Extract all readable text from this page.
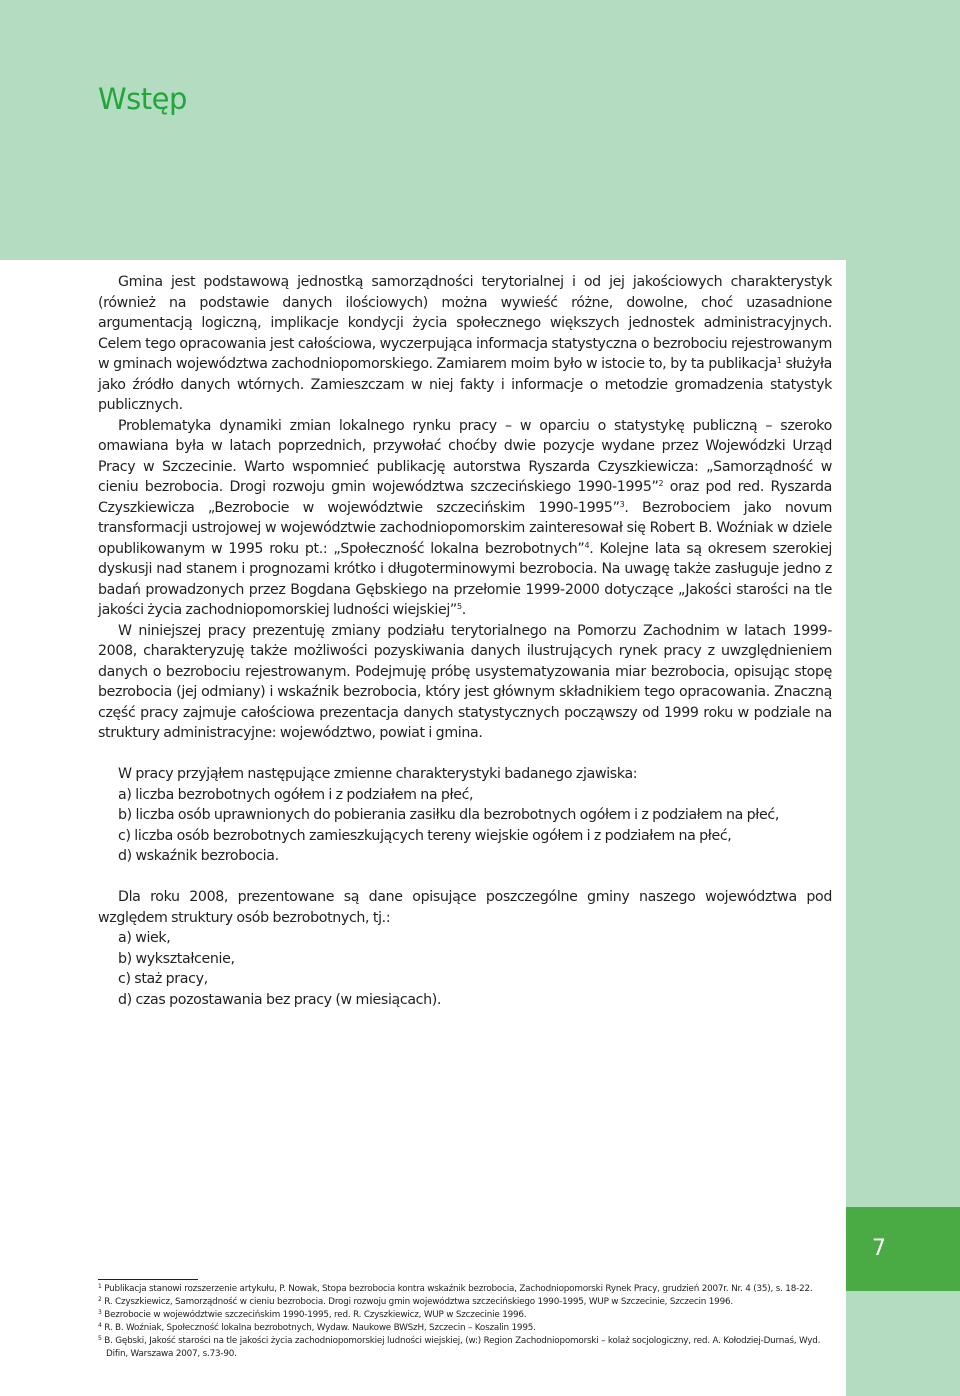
7
Wstęp

Gmina jest podstawową jednostką samorządności terytorialnej i od jej jakościowych charakterystyk (również na podstawie danych ilościowych) można wywieść różne, dowolne, choć uzasadnione argumentacją logiczną, implikacje kondycji życia społecznego większych jednostek administracyjnych. Celem tego opracowania jest całościowa, wyczerpująca informacja statystyczna o bezrobociu rejestrowanym w gminach województwa zachodniopomorskiego. Zamiarem moim było w istocie to, by ta publikacja$^1$ służyła jako źródło danych wtórnych. Zamieszczam w niej fakty i informacje o metodzie gromadzenia statystyk publicznych.

Problematyka dynamiki zmian lokalnego rynku pracy – w oparciu o statystykę publiczną – szeroko omawiana była w latach poprzednich, przywołać choćby dwie pozycje wydane przez Wojewódzki Urząd Pracy w Szczecinie. Warto wspomnieć publikację autorstwa Ryszarda Czyszkiewicza: „Samorządność w cieniu bezrobocia. Drogi rozwoju gmin województwa szczecińskiego 1990-1995”$^2$ oraz pod red. Ryszarda Czyszkiewicza „Bezrobocie w województwie szczecińskim 1990-1995”$^3$. Bezrobociem jako novum transformacji ustrojowej w województwie zachodniopomorskim zainteresował się Robert B. Woźniak w dziele opublikowanym w 1995 roku pt.: „Społeczność lokalna bezrobotnych”$^4$. Kolejne lata są okresem szerokiej dyskusji nad stanem i prognozami krótko i długoterminowymi bezrobocia. Na uwagę także zasługuje jedno z badań prowadzonych przez Bogdana Gębskiego na przełomie 1999-2000 dotyczące „Jakości starości na tle jakości życia zachodniopomorskiej ludności wiejskiej”$^5$.

W niniejszej pracy prezentuję zmiany podziału terytorialnego na Pomorzu Zachodnim w latach 1999-2008, charakteryzuję także możliwości pozyskiwania danych ilustrujących rynek pracy z uwzględnieniem danych o bezrobociu rejestrowanym. Podejmuję próbę usystematyzowania miar bezrobocia, opisując stopę bezrobocia (jej odmiany) i wskaźnik bezrobocia, który jest głównym składnikiem tego opracowania. Znaczną część pracy zajmuje całościowa prezentacja danych statystycznych począwszy od 1999 roku w podziale na struktury administracyjne: województwo, powiat i gmina.

W pracy przyjąłem następujące zmienne charakterystyki badanego zjawiska:

a) liczba bezrobotnych ogółem i z podziałem na płeć,
b) liczba osób uprawnionych do pobierania zasiłku dla bezrobotnych ogółem i z podziałem na płeć,
c) liczba osób bezrobotnych zamieszkujących tereny wiejskie ogółem i z podziałem na płeć,
d) wskaźnik bezrobocia.

Dla roku 2008, prezentowane są dane opisujące poszczególne gminy naszego województwa pod względem struktury osób bezrobotnych, tj.:

a) wiek,
b) wykształcenie,
c) staż pracy,
d) czas pozostawania bez pracy (w miesiącach).

$^1$ Publikacja stanowi rozszerzenie artykułu, P. Nowak, Stopa bezrobocia kontra wskaźnik bezrobocia, Zachodniopomorski Rynek Pracy, grudzień 2007r. Nr. 4 (35), s. 18-22.

$^2$ R. Czyszkiewicz, Samorządność w cieniu bezrobocia. Drogi rozwoju gmin województwa szczecińskiego 1990-1995, WUP w Szczecinie, Szczecin 1996.

$^3$ Bezrobocie w województwie szczecińskim 1990-1995, red. R. Czyszkiewicz, WUP w Szczecinie 1996.

$^4$ R. B. Woźniak, Społeczność lokalna bezrobotnych, Wydaw. Naukowe BWSzH, Szczecin – Koszalin 1995.

$^5$ B. Gębski, Jakość starości na tle jakości życia zachodniopomorskiej ludności wiejskiej, (w:) Region Zachodniopomorski – kolaż socjologiczny, red. A. Kołodziej-Durnaś, Wyd. Difin, Warszawa 2007, s.73-90.
